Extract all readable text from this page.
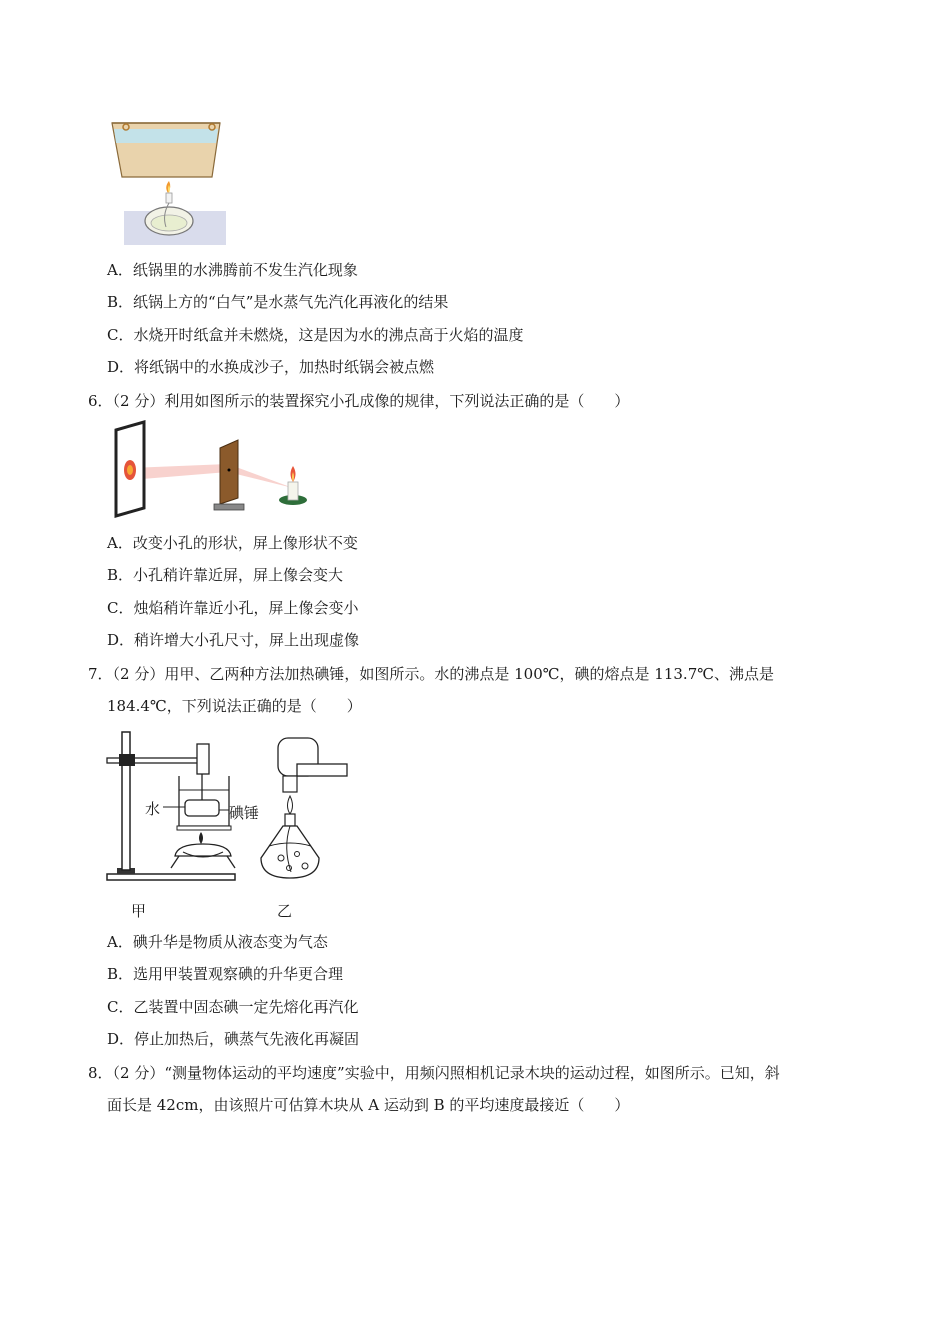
A．纸锅里的水沸腾前不发生汽化现象
B．纸锅上方的“白气”是水蒸气先汽化再液化的结果
C．水烧开时纸盒并未燃烧，这是因为水的沸点高于火焰的温度
D．将纸锅中的水换成沙子，加热时纸锅会被点燃
6．（2 分）利用如图所示的装置探究小孔成像的规律，下列说法正确的是（　　）
A．改变小孔的形状，屏上像形状不变
B．小孔稍许靠近屏，屏上像会变大
C．烛焰稍许靠近小孔，屏上像会变小
D．稍许增大小孔尺寸，屏上出现虚像
7．（2 分）用甲、乙两种方法加热碘锤，如图所示。水的沸点是 100℃，碘的熔点是 113.7℃、沸点是
184.4℃，下列说法正确的是（　　）
水	碘锤
甲	乙
A．碘升华是物质从液态变为气态
B．选用甲装置观察碘的升华更合理
C．乙装置中固态碘一定先熔化再汽化
D．停止加热后，碘蒸气先液化再凝固
8．（2 分）“测量物体运动的平均速度”实验中，用频闪照相机记录木块的运动过程，如图所示。已知，斜
面长是 42cm，由该照片可估算木块从 A 运动到 B 的平均速度最接近（　　）
